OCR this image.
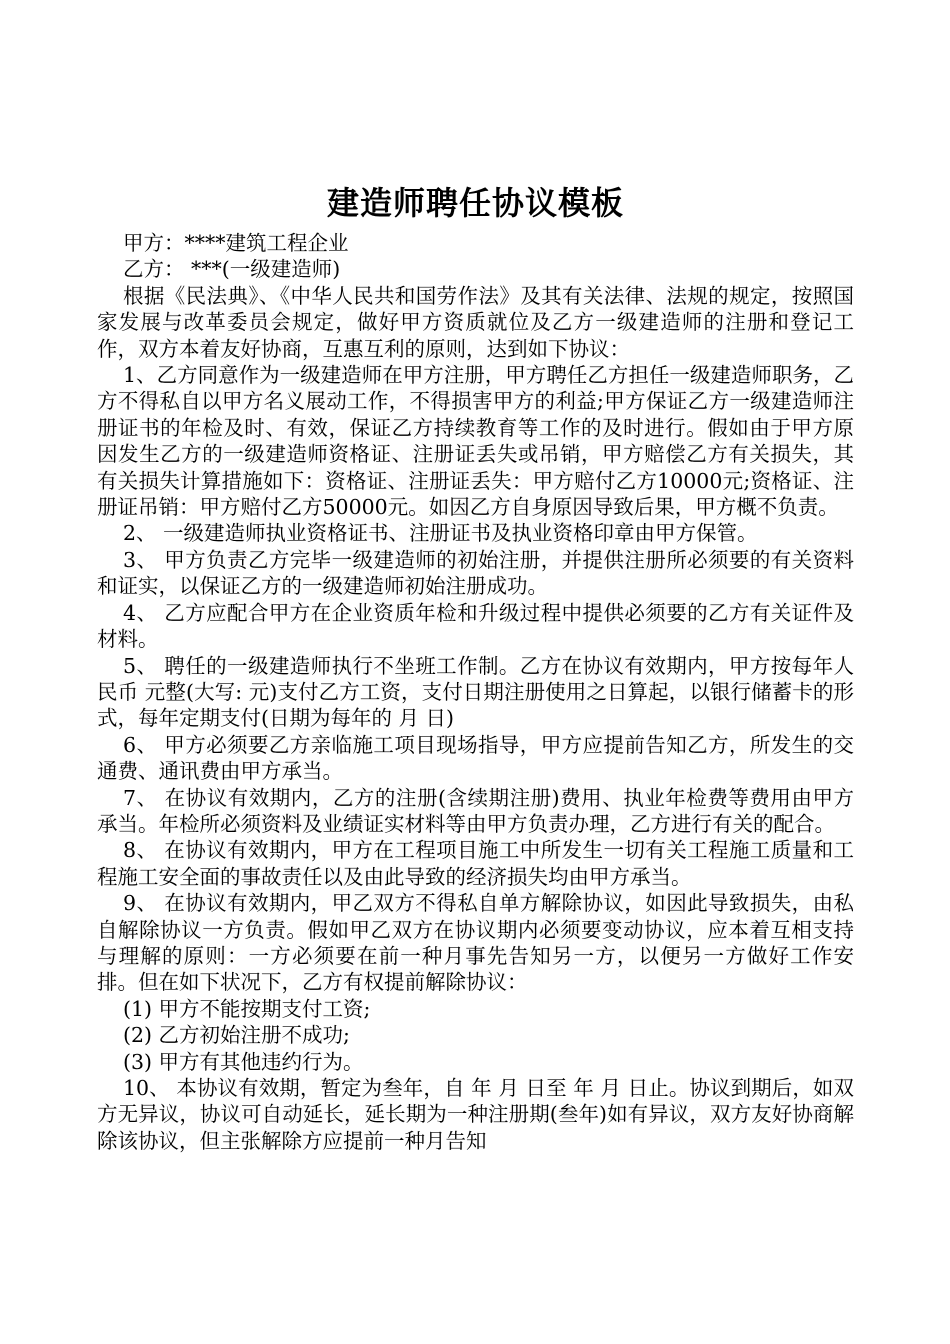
建造师聘任协议模板

甲方：****建筑工程企业

乙方： ***(一级建造师)

根据《民法典》、《中华人民共和国劳作法》及其有关法律、法规的规定，按照国家发展与改革委员会规定，做好甲方资质就位及乙方一级建造师的注册和登记工作，双方本着友好协商，互惠互利的原则，达到如下协议：

1、乙方同意作为一级建造师在甲方注册，甲方聘任乙方担任一级建造师职务，乙方不得私自以甲方名义展动工作，不得损害甲方的利益;甲方保证乙方一级建造师注册证书的年检及时、有效，保证乙方持续教育等工作的及时进行。假如由于甲方原因发生乙方的一级建造师资格证、注册证丢失或吊销，甲方赔偿乙方有关损失，其有关损失计算措施如下：资格证、注册证丢失：甲方赔付乙方10000元;资格证、注册证吊销：甲方赔付乙方50000元。如因乙方自身原因导致后果，甲方概不负责。

2、 一级建造师执业资格证书、注册证书及执业资格印章由甲方保管。

3、 甲方负责乙方完毕一级建造师的初始注册，并提供注册所必须要的有关资料和证实，以保证乙方的一级建造师初始注册成功。

4、 乙方应配合甲方在企业资质年检和升级过程中提供必须要的乙方有关证件及材料。

5、 聘任的一级建造师执行不坐班工作制。乙方在协议有效期内，甲方按每年人民币 元整(大写: 元)支付乙方工资，支付日期注册使用之日算起，以银行储蓄卡的形式，每年定期支付(日期为每年的 月 日)

6、 甲方必须要乙方亲临施工项目现场指导，甲方应提前告知乙方，所发生的交通费、通讯费由甲方承当。

7、 在协议有效期内，乙方的注册(含续期注册)费用、执业年检费等费用由甲方承当。年检所必须资料及业绩证实材料等由甲方负责办理，乙方进行有关的配合。

8、 在协议有效期内，甲方在工程项目施工中所发生一切有关工程施工质量和工程施工安全面的事故责任以及由此导致的经济损失均由甲方承当。

9、 在协议有效期内，甲乙双方不得私自单方解除协议，如因此导致损失，由私自解除协议一方负责。假如甲乙双方在协议期内必须要变动协议，应本着互相支持与理解的原则：一方必须要在前一种月事先告知另一方，以便另一方做好工作安排。但在如下状况下，乙方有权提前解除协议：

(1) 甲方不能按期支付工资;

(2) 乙方初始注册不成功;

(3) 甲方有其他违约行为。

10、 本协议有效期，暂定为叁年，自 年 月 日至 年 月 日止。协议到期后，如双方无异议，协议可自动延长，延长期为一种注册期(叁年)如有异议，双方友好协商解除该协议，但主张解除方应提前一种月告知
